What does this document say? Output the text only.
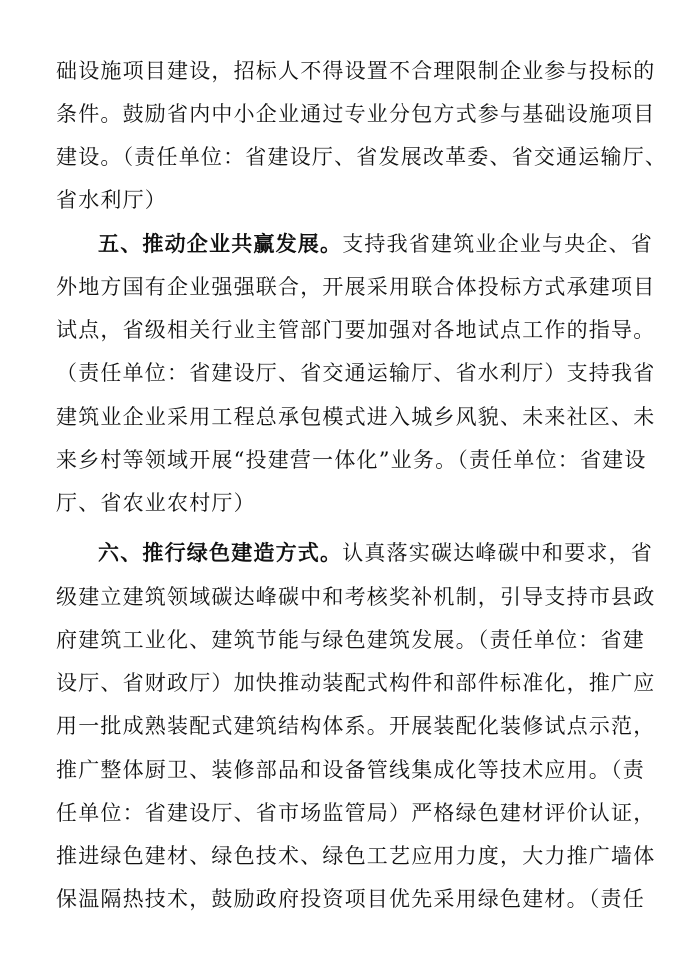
础设施项目建设，招标人不得设置不合理限制企业参与投标的
条件。鼓励省内中小企业通过专业分包方式参与基础设施项目
建设。（责任单位：省建设厅、省发展改革委、省交通运输厅、
省水利厅）
五、推动企业共赢发展。支持我省建筑业企业与央企、省
外地方国有企业强强联合，开展采用联合体投标方式承建项目
试点，省级相关行业主管部门要加强对各地试点工作的指导。
（责任单位：省建设厅、省交通运输厅、省水利厅）支持我省
建筑业企业采用工程总承包模式进入城乡风貌、未来社区、未
来乡村等领域开展“投建营一体化”业务。（责任单位：省建设
厅、省农业农村厅）
六、推行绿色建造方式。认真落实碳达峰碳中和要求，省
级建立建筑领域碳达峰碳中和考核奖补机制，引导支持市县政
府建筑工业化、建筑节能与绿色建筑发展。（责任单位：省建
设厅、省财政厅）加快推动装配式构件和部件标准化，推广应
用一批成熟装配式建筑结构体系。开展装配化装修试点示范，
推广整体厨卫、装修部品和设备管线集成化等技术应用。（责
任单位：省建设厅、省市场监管局）严格绿色建材评价认证，
推进绿色建材、绿色技术、绿色工艺应用力度，大力推广墙体
保温隔热技术，鼓励政府投资项目优先采用绿色建材。（责任
